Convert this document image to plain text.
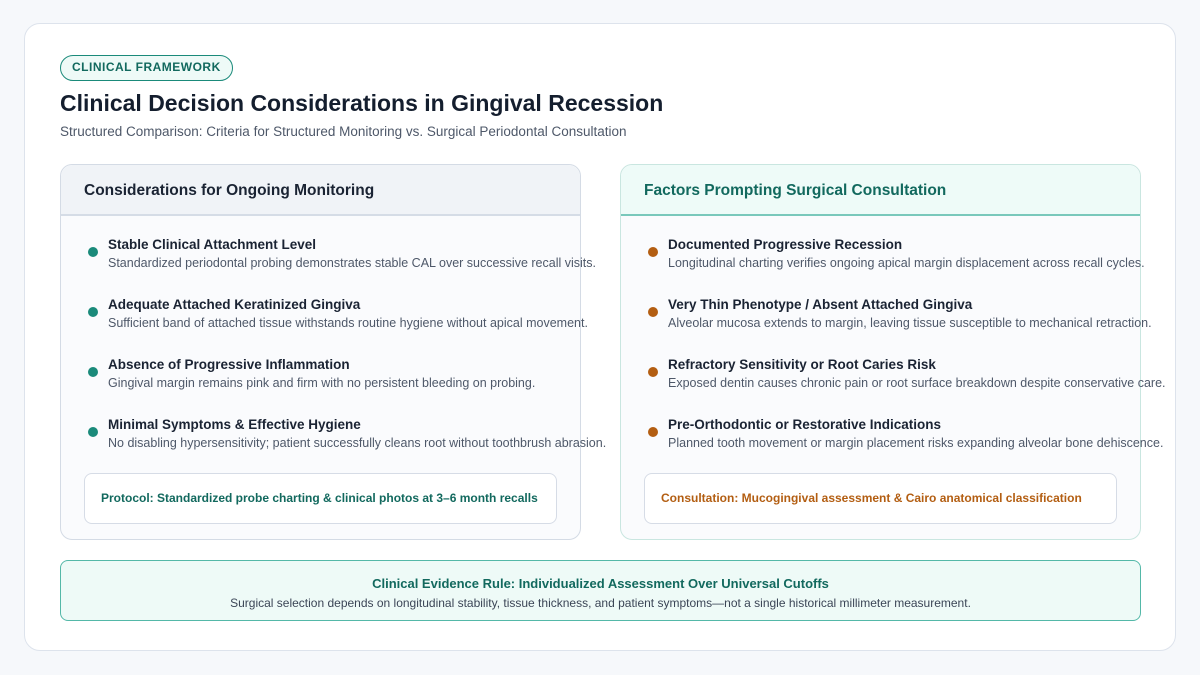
CLINICAL FRAMEWORK
Clinical Decision Considerations in Gingival Recession
Structured Comparison: Criteria for Structured Monitoring vs. Surgical Periodontal Consultation
Considerations for Ongoing Monitoring
Stable Clinical Attachment Level
Standardized periodontal probing demonstrates stable CAL over successive recall visits.
Adequate Attached Keratinized Gingiva
Sufficient band of attached tissue withstands routine hygiene without apical movement.
Absence of Progressive Inflammation
Gingival margin remains pink and firm with no persistent bleeding on probing.
Minimal Symptoms & Effective Hygiene
No disabling hypersensitivity; patient successfully cleans root without toothbrush abrasion.
Protocol: Standardized probe charting & clinical photos at 3–6 month recalls
Factors Prompting Surgical Consultation
Documented Progressive Recession
Longitudinal charting verifies ongoing apical margin displacement across recall cycles.
Very Thin Phenotype / Absent Attached Gingiva
Alveolar mucosa extends to margin, leaving tissue susceptible to mechanical retraction.
Refractory Sensitivity or Root Caries Risk
Exposed dentin causes chronic pain or root surface breakdown despite conservative care.
Pre-Orthodontic or Restorative Indications
Planned tooth movement or margin placement risks expanding alveolar bone dehiscence.
Consultation: Mucogingival assessment & Cairo anatomical classification
Clinical Evidence Rule: Individualized Assessment Over Universal Cutoffs
Surgical selection depends on longitudinal stability, tissue thickness, and patient symptoms—not a single historical millimeter measurement.
